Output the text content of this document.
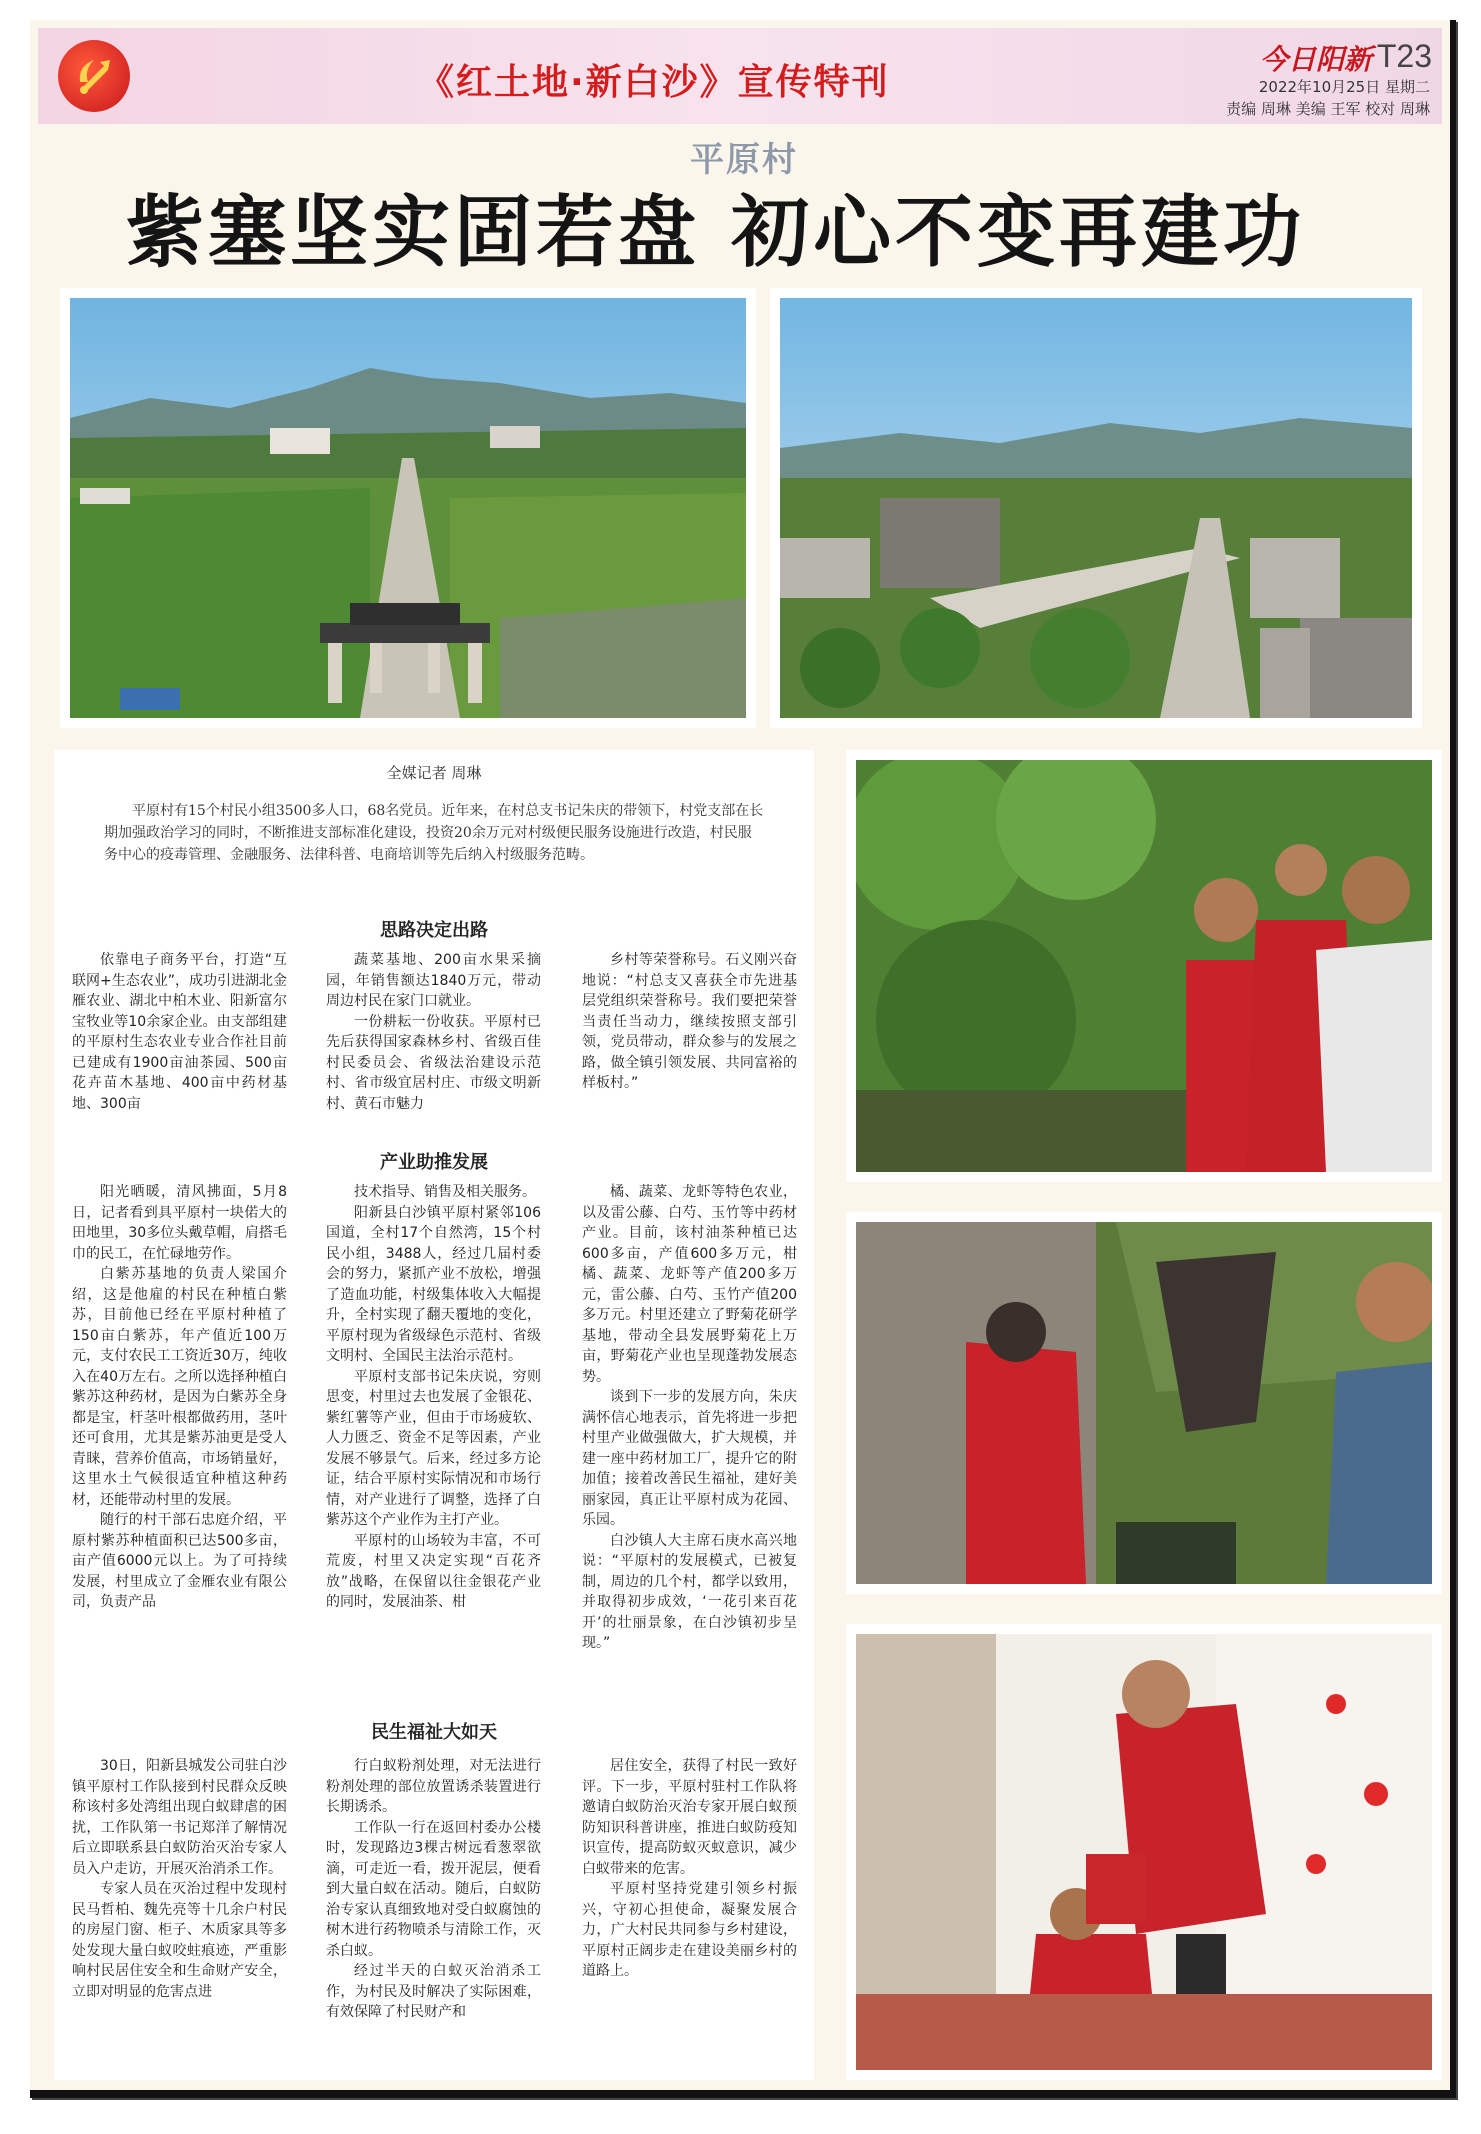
《红土地·新白沙》宣传特刊
今日阳新 T23
2022年10月25日 星期二
责编 周琳 美编 王军 校对 周琳
平原村
紫塞坚实固若盘 初心不变再建功
全媒记者 周琳
平原村有15个村民小组3500多人口，68名党员。近年来，在村总支书记朱庆的带领下，村党支部在长期加强政治学习的同时，不断推进支部标准化建设，投资20余万元对村级便民服务设施进行改造，村民服务中心的疫毒管理、金融服务、法律科普、电商培训等先后纳入村级服务范畴。
思路决定出路

依靠电子商务平台，打造“互联网+生态农业”，成功引进湖北金雁农业、湖北中柏木业、阳新富尔宝牧业等10余家企业。由支部组建的平原村生态农业专业合作社目前已建成有1900亩油茶园、500亩花卉苗木基地、400亩中药材基地、300亩

蔬菜基地、200亩水果采摘园，年销售额达1840万元，带动周边村民在家门口就业。

一份耕耘一份收获。平原村已先后获得国家森林乡村、省级百佳村民委员会、省级法治建设示范村、省市级宜居村庄、市级文明新村、黄石市魅力

乡村等荣誉称号。石义刚兴奋地说：“村总支又喜获全市先进基层党组织荣誉称号。我们要把荣誉当责任当动力，继续按照支部引领，党员带动，群众参与的发展之路，做全镇引领发展、共同富裕的样板村。”

产业助推发展

阳光晒暖，清风拂面，5月8日，记者看到具平原村一块偌大的田地里，30多位头戴草帽，肩搭毛巾的民工，在忙碌地劳作。

白紫苏基地的负责人梁国介绍，这是他雇的村民在种植白紫苏，目前他已经在平原村种植了150亩白紫苏，年产值近100万元，支付农民工工资近30万，纯收入在40万左右。之所以选择种植白紫苏这种药材，是因为白紫苏全身都是宝，杆茎叶根都做药用，茎叶还可食用，尤其是紫苏油更是受人青睐，营养价值高，市场销量好，这里水土气候很适宜种植这种药材，还能带动村里的发展。

随行的村干部石忠庭介绍，平原村紫苏种植面积已达500多亩，亩产值6000元以上。为了可持续发展，村里成立了金雁农业有限公司，负责产品

技术指导、销售及相关服务。

阳新县白沙镇平原村紧邻106国道，全村17个自然湾，15个村民小组，3488人，经过几届村委会的努力，紧抓产业不放松，增强了造血功能，村级集体收入大幅提升，全村实现了翻天覆地的变化，平原村现为省级绿色示范村、省级文明村、全国民主法治示范村。

平原村支部书记朱庆说，穷则思变，村里过去也发展了金银花、紫红薯等产业，但由于市场疲软、人力匮乏、资金不足等因素，产业发展不够景气。后来，经过多方论证，结合平原村实际情况和市场行情，对产业进行了调整，选择了白紫苏这个产业作为主打产业。

平原村的山场较为丰富，不可荒废，村里又决定实现“百花齐放”战略，在保留以往金银花产业的同时，发展油茶、柑

橘、蔬菜、龙虾等特色农业，以及雷公藤、白芍、玉竹等中药材产业。目前，该村油茶种植已达600多亩，产值600多万元，柑橘、蔬菜、龙虾等产值200多万元，雷公藤、白芍、玉竹产值200多万元。村里还建立了野菊花研学基地，带动全县发展野菊花上万亩，野菊花产业也呈现蓬勃发展态势。

谈到下一步的发展方向，朱庆满怀信心地表示，首先将进一步把村里产业做强做大，扩大规模，并建一座中药材加工厂，提升它的附加值；接着改善民生福祉，建好美丽家园，真正让平原村成为花园、乐园。

白沙镇人大主席石庚水高兴地说：“平原村的发展模式，已被复制，周边的几个村，都学以致用，并取得初步成效，‘一花引来百花开’的壮丽景象，在白沙镇初步呈现。”

民生福祉大如天

30日，阳新县城发公司驻白沙镇平原村工作队接到村民群众反映称该村多处湾组出现白蚁肆虐的困扰，工作队第一书记郑洋了解情况后立即联系县白蚁防治灭治专家人员入户走访，开展灭治消杀工作。

专家人员在灭治过程中发现村民马哲柏、魏先亮等十几余户村民的房屋门窗、柜子、木质家具等多处发现大量白蚁咬蛀痕迹，严重影响村民居住安全和生命财产安全，立即对明显的危害点进

行白蚁粉剂处理，对无法进行粉剂处理的部位放置诱杀装置进行长期诱杀。

工作队一行在返回村委办公楼时，发现路边3棵古树远看葱翠欲滴，可走近一看，拨开泥层，便看到大量白蚁在活动。随后，白蚁防治专家认真细致地对受白蚁腐蚀的树木进行药物喷杀与清除工作，灭杀白蚁。

经过半天的白蚁灭治消杀工作，为村民及时解决了实际困难，有效保障了村民财产和

居住安全，获得了村民一致好评。下一步，平原村驻村工作队将邀请白蚁防治灭治专家开展白蚁预防知识科普讲座，推进白蚁防疫知识宣传，提高防蚁灭蚁意识，减少白蚁带来的危害。

平原村坚持党建引领乡村振兴，守初心担使命，凝聚发展合力，广大村民共同参与乡村建设，平原村正阔步走在建设美丽乡村的道路上。
